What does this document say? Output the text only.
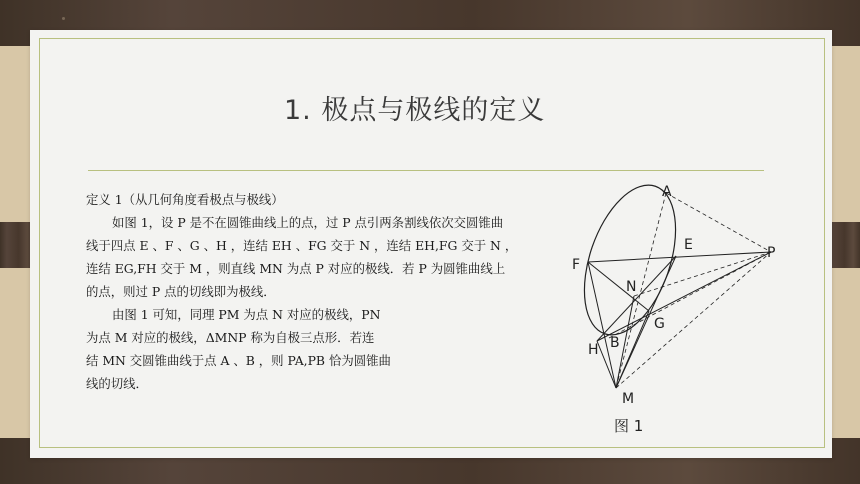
1. 极点与极线的定义

定义 1（从几何角度看极点与极线）

如图 1，设 P 是不在圆锥曲线上的点，过 P 点引两条割线依次交圆锥曲

线于四点 E 、F 、G 、H ，连结 EH 、FG 交于 N ，连结 EH,FG 交于 N ，

连结 EG,FH 交于 M ，则直线 MN 为点 P 对应的极线．若 P 为圆锥曲线上

的点，则过 P 点的切线即为极线．

由图 1 可知，同理 PM 为点 N 对应的极线，PN

为点 M 对应的极线，ΔMNP 称为自极三点形．若连

结 MN 交圆锥曲线于点 A 、B ，则 PA,PB 恰为圆锥曲

线的切线．

A
E	P
F
N
G
H B
M
图 1
